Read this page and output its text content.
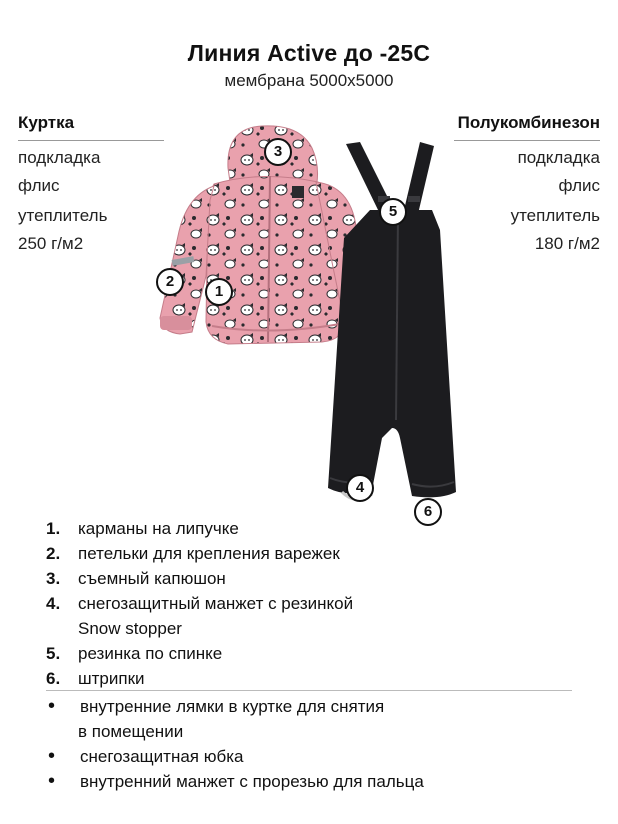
Линия Active до -25C
мембрана 5000x5000
Куртка
подкладка
флис
утеплитель
250 г/м2
Полукомбинезон
подкладка
флис
утеплитель
180 г/м2
1
2
3
4
5
6
1.	карманы на липучке
2.	петельки для крепления варежек
3.	съемный капюшон
4.	снегозащитный манжет с резинкой
Snow stopper
5.	резинка по спинке
6.	штрипки
•	внутренние лямки в куртке для снятия
в помещении
•	снегозащитная юбка
•	внутренний манжет с прорезью для пальца
